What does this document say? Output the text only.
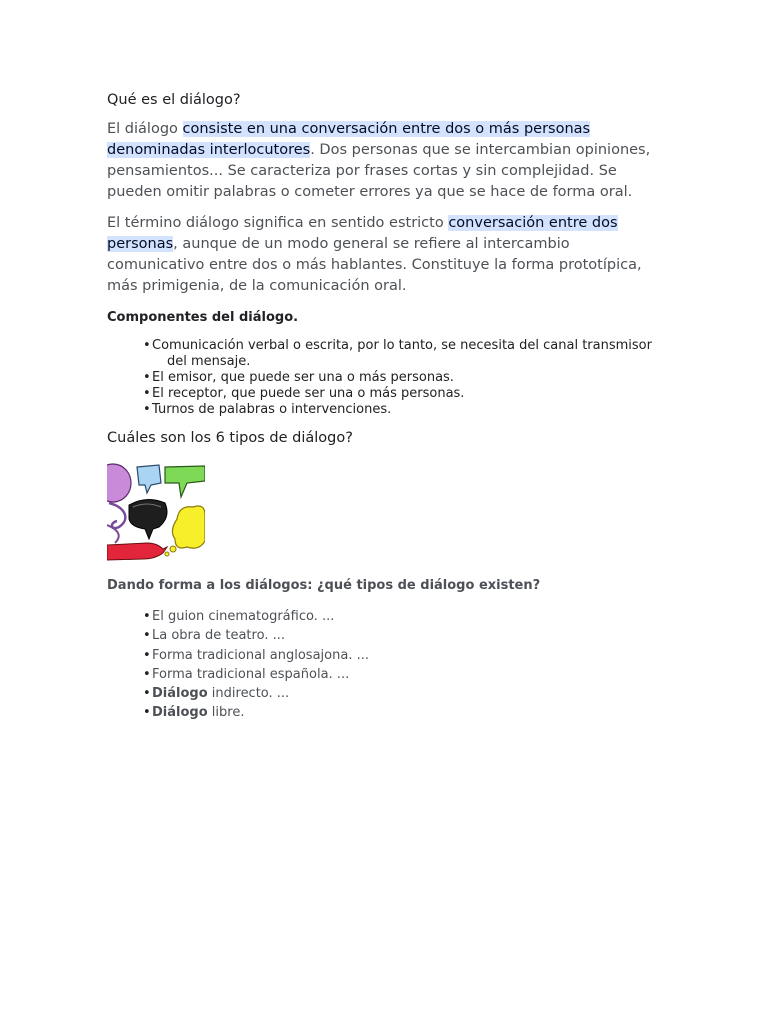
Qué es el diálogo?

El diálogo consiste en una conversación entre dos o más personas denominadas interlocutores. Dos personas que se intercambian opiniones, pensamientos... Se caracteriza por frases cortas y sin complejidad. Se pueden omitir palabras o cometer errores ya que se hace de forma oral.

El término diálogo significa en sentido estricto conversación entre dos personas, aunque de un modo general se refiere al intercambio comunicativo entre dos o más hablantes. Constituye la forma prototípica, más primigenia, de la comunicación oral.

Componentes del diálogo.

• Comunicación verbal o escrita, por lo tanto, se necesita del canal transmisor
del mensaje.
• El emisor, que puede ser una o más personas.
• El receptor, que puede ser una o más personas.
• Turnos de palabras o intervenciones.

Cuáles son los 6 tipos de diálogo?

Dando forma a los diálogos: ¿qué tipos de diálogo existen?

• El guion cinematográfico. ...
• La obra de teatro. ...
• Forma tradicional anglosajona. ...
• Forma tradicional española. ...
• Diálogo indirecto. ...
• Diálogo libre.
